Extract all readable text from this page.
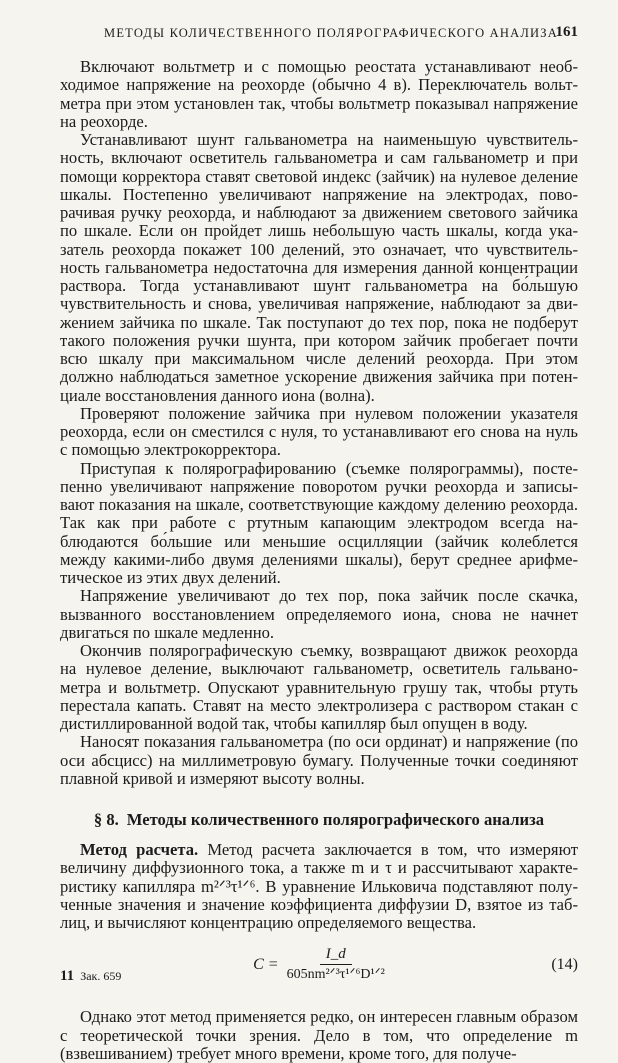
МЕТОДЫ КОЛИЧЕСТВЕННОГО ПОЛЯРОГРАФИЧЕСКОГО АНАЛИЗА
161

Включают вольтметр и с помощью реостата устанавливают необходимое напряжение на реохорде (обычно 4 в). Переключатель вольтметра при этом установлен так, чтобы вольтметр показывал напряжение на реохорде.

Устанавливают шунт гальванометра на наименьшую чувствительность, включают осветитель гальванометра и сам гальванометр и при помощи корректора ставят световой индекс (зайчик) на нулевое деление шкалы. Постепенно увеличивают напряжение на электродах, поворачивая ручку реохорда, и наблюдают за движением светового зайчика по шкале. Если он пройдет лишь небольшую часть шкалы, когда указатель реохорда покажет 100 делений, это означает, что чувствительность гальванометра недостаточна для измерения данной концентрации раствора. Тогда устанавливают шунт гальванометра на бо́льшую чувствительность и снова, увеличивая напряжение, наблюдают за движением зайчика по шкале. Так поступают до тех пор, пока не подберут такого положения ручки шунта, при котором зайчик пробегает почти всю шкалу при максимальном числе делений реохорда. При этом должно наблюдаться заметное ускорение движения зайчика при потенциале восстановления данного иона (волна).

Проверяют положение зайчика при нулевом положении указателя реохорда, если он сместился с нуля, то устанавливают его снова на нуль с помощью электрокорректора.

Приступая к полярографированию (съемке полярограммы), постепенно увеличивают напряжение поворотом ручки реохорда и записывают показания на шкале, соответствующие каждому делению реохорда. Так как при работе с ртутным капающим электродом всегда наблюдаются бо́льшие или меньшие осцилляции (зайчик колеблется между какими-либо двумя делениями шкалы), берут среднее арифметическое из этих двух делений.

Напряжение увеличивают до тех пор, пока зайчик после скачка, вызванного восстановлением определяемого иона, снова не начнет двигаться по шкале медленно.

Окончив полярографическую съемку, возвращают движок реохорда на нулевое деление, выключают гальванометр, осветитель гальванометра и вольтметр. Опускают уравнительную грушу так, чтобы ртуть перестала капать. Ставят на место электролизера с раствором стакан с дистиллированной водой так, чтобы капилляр был опущен в воду.

Наносят показания гальванометра (по оси ординат) и напряжение (по оси абсцисс) на миллиметровую бумагу. Полученные точки соединяют плавной кривой и измеряют высоту волны.

§ 8. Методы количественного полярографического анализа

Метод расчета. Метод расчета заключается в том, что измеряют величину диффузионного тока, а также m и τ и рассчитывают характеристику капилляра m²ᐟ³τ¹ᐟ⁶. В уравнение Ильковича подставляют полученные значения и значение коэффициента диффузии D, взятое из таблиц, и вычисляют концентрацию определяемого вещества.

$C = \frac{I\_d}{\text{605nm²ᐟ³τ¹ᐟ⁶D¹ᐟ²}}$	(14)

Однако этот метод применяется редко, он интересен главным образом с теоретической точки зрения. Дело в том, что определение m (взвешиванием) требует много времени, кроме того, для получе-

11 Зак. 659
